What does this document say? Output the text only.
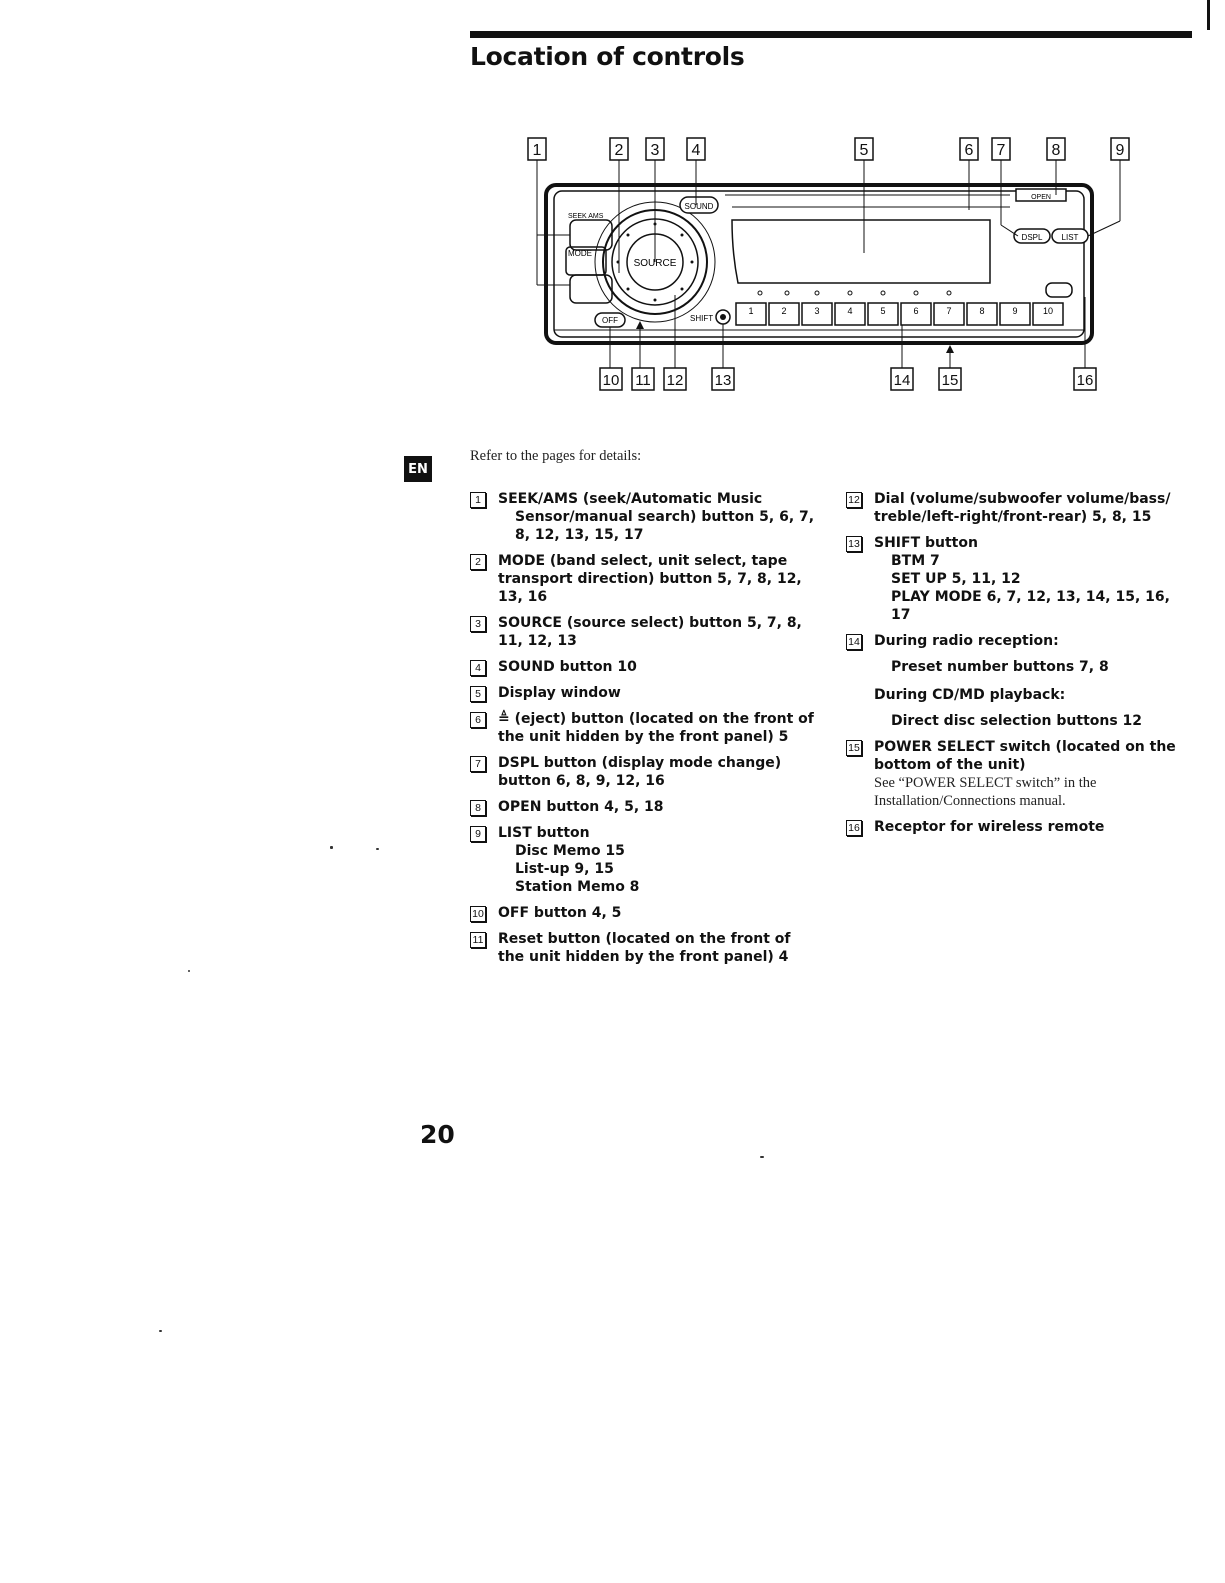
Location of controls
1	2 3 4	5	6 7	8	9
SEEK AMS
MODE
SOURCE
SOUND
OPEN
DSPL LIST
1	2	3	4	5	6	7	8	9	10
SHIFT
OFF
10 11 12 13	14 15	16
EN
Refer to the pages for details:
1	SEEK/AMS (seek/Automatic Music
Sensor/manual search) button 5, 6, 7,
8, 12, 13, 15, 17
2	MODE (band select, unit select, tape
transport direction) button 5, 7, 8, 12,
13, 16
3	SOURCE (source select) button 5, 7, 8,
11, 12, 13
4	SOUND button 10
5	Display window
6	≜ (eject) button (located on the front of
the unit hidden by the front panel) 5
7	DSPL button (display mode change)
button 6, 8, 9, 12, 16
8	OPEN button 4, 5, 18
9	LIST button
Disc Memo 15
List-up 9, 15
Station Memo 8
10 OFF button 4, 5
11 Reset button (located on the front of
the unit hidden by the front panel) 4
12 Dial (volume/subwoofer volume/bass/
treble/left-right/front-rear) 5, 8, 15
13 SHIFT button
BTM 7
SET UP 5, 11, 12
PLAY MODE 6, 7, 12, 13, 14, 15, 16, 17
14 During radio reception:
Preset number buttons 7, 8
During CD/MD playback:
Direct disc selection buttons 12
15 POWER SELECT switch (located on the
bottom of the unit)
See “POWER SELECT switch” in the
Installation/Connections manual.
16 Receptor for wireless remote
20
